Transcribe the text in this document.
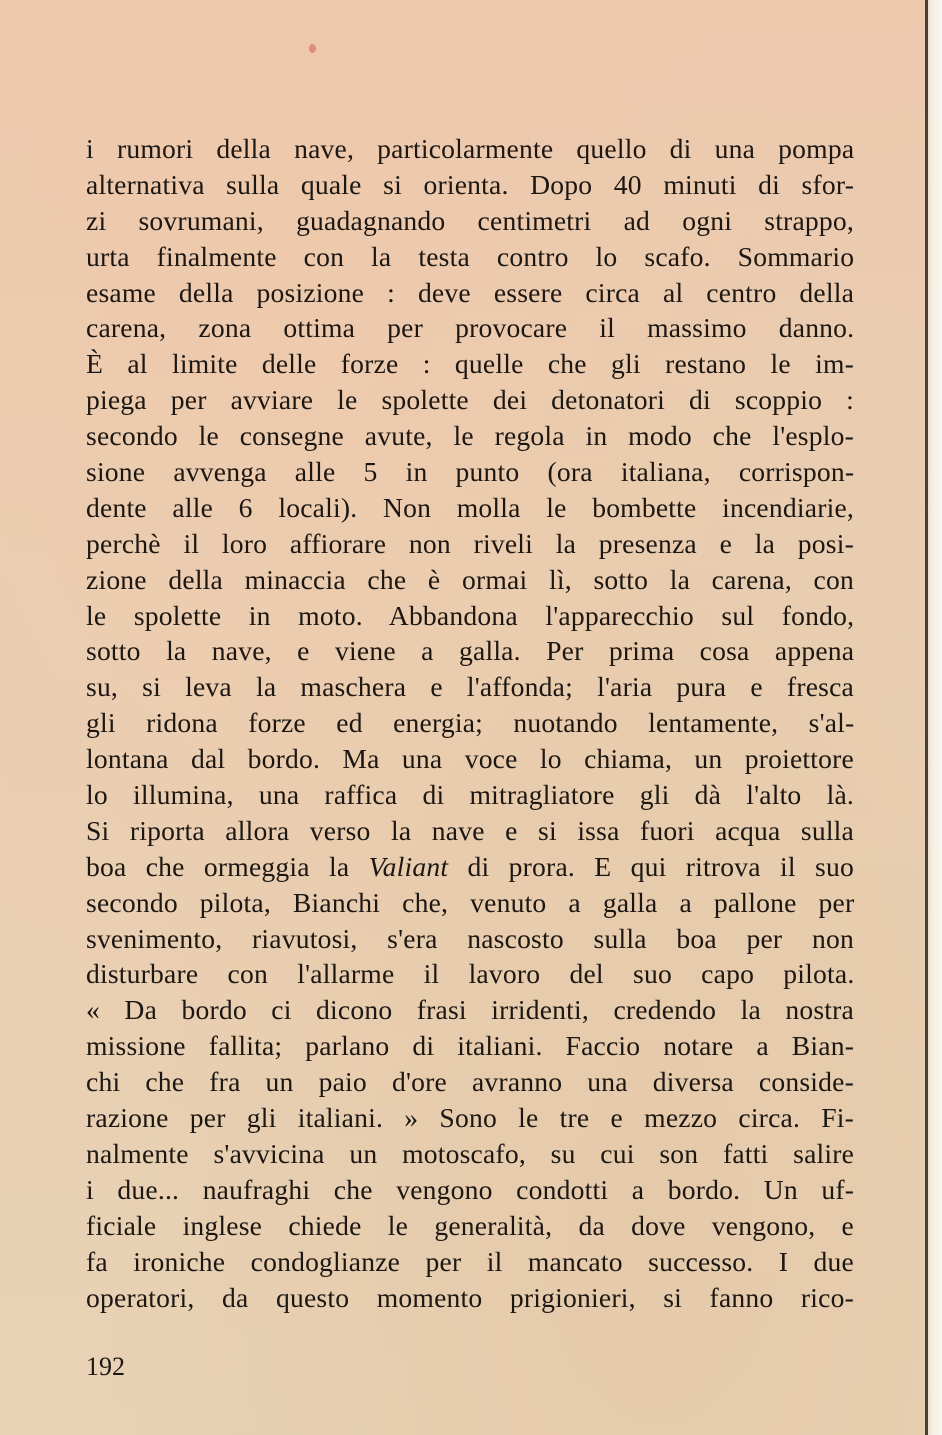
i rumori della nave, particolarmente quello di una pompa
alternativa sulla quale si orienta. Dopo 40 minuti di sfor-
zi sovrumani, guadagnando centimetri ad ogni strappo,
urta finalmente con la testa contro lo scafo. Sommario
esame della posizione : deve essere circa al centro della
carena, zona ottima per provocare il massimo danno.
È al limite delle forze : quelle che gli restano le im-
piega per avviare le spolette dei detonatori di scoppio :
secondo le consegne avute, le regola in modo che l'esplo-
sione avvenga alle 5 in punto (ora italiana, corrispon-
dente alle 6 locali). Non molla le bombette incendiarie,
perchè il loro affiorare non riveli la presenza e la posi-
zione della minaccia che è ormai lì, sotto la carena, con
le spolette in moto. Abbandona l'apparecchio sul fondo,
sotto la nave, e viene a galla. Per prima cosa appena
su, si leva la maschera e l'affonda; l'aria pura e fresca
gli ridona forze ed energia; nuotando lentamente, s'al-
lontana dal bordo. Ma una voce lo chiama, un proiettore
lo illumina, una raffica di mitragliatore gli dà l'alto là.
Si riporta allora verso la nave e si issa fuori acqua sulla
boa che ormeggia la Valiant di prora. E qui ritrova il suo
secondo pilota, Bianchi che, venuto a galla a pallone per
svenimento, riavutosi, s'era nascosto sulla boa per non
disturbare con l'allarme il lavoro del suo capo pilota.
« Da bordo ci dicono frasi irridenti, credendo la nostra
missione fallita; parlano di italiani. Faccio notare a Bian-
chi che fra un paio d'ore avranno una diversa conside-
razione per gli italiani. » Sono le tre e mezzo circa. Fi-
nalmente s'avvicina un motoscafo, su cui son fatti salire
i due... naufraghi che vengono condotti a bordo. Un uf-
ficiale inglese chiede le generalità, da dove vengono, e
fa ironiche condoglianze per il mancato successo. I due
operatori, da questo momento prigionieri, si fanno rico-
192
